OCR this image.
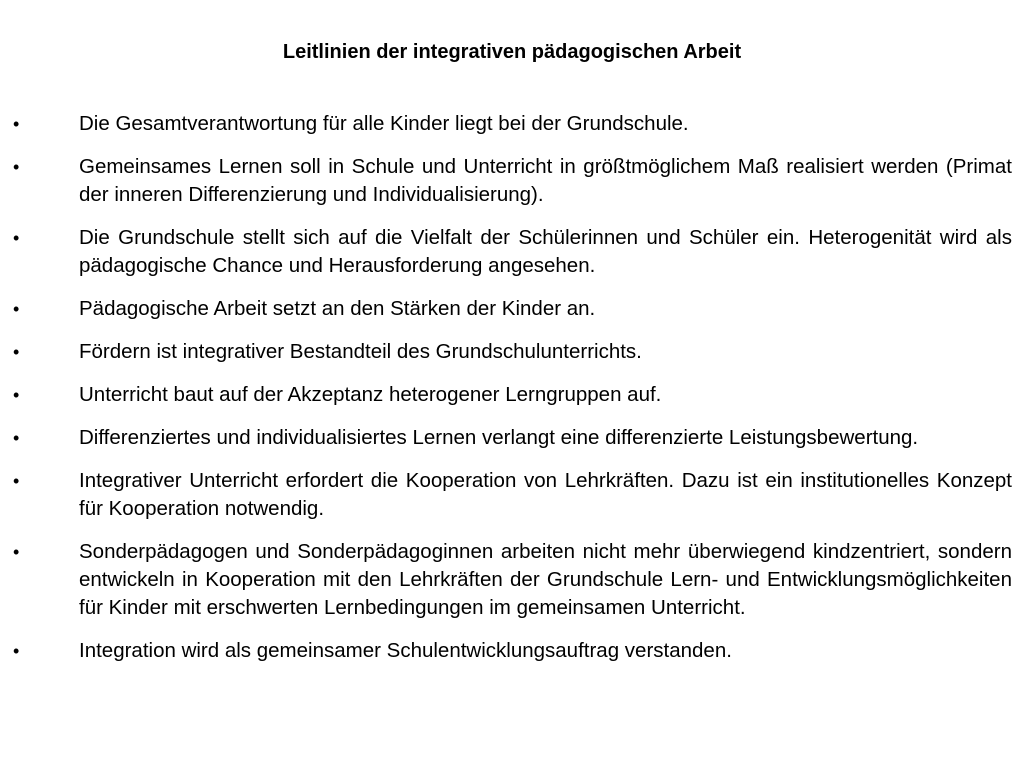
Leitlinien der integrativen pädagogischen Arbeit
•	Die Gesamtverantwortung für alle Kinder liegt bei der Grundschule.
•	Gemeinsames Lernen soll in Schule und Unterricht in größtmöglichem Maß realisiert werden (Primat der inneren Differenzierung und Individualisierung).
•	Die Grundschule stellt sich auf die Vielfalt der Schülerinnen und Schüler ein. Heterogenität wird als pädagogische Chance und Herausforderung angesehen.
•	Pädagogische Arbeit setzt an den Stärken der Kinder an.
•	Fördern ist integrativer Bestandteil des Grundschulunterrichts.
•	Unterricht baut auf der Akzeptanz heterogener Lerngruppen auf.
•	Differenziertes und individualisiertes Lernen verlangt eine differenzierte Leistungsbewertung.
•	Integrativer Unterricht erfordert die Kooperation von Lehrkräften. Dazu ist ein institutionelles Konzept für Kooperation notwendig.
•	Sonderpädagogen und Sonderpädagoginnen arbeiten nicht mehr überwiegend kindzentriert, sondern entwickeln in Kooperation mit den Lehrkräften der Grundschule Lern- und Entwicklungsmöglichkeiten für Kinder mit erschwerten Lernbedingungen im gemeinsamen Unterricht.
•	Integration wird als gemeinsamer Schulentwicklungsauftrag verstanden.
